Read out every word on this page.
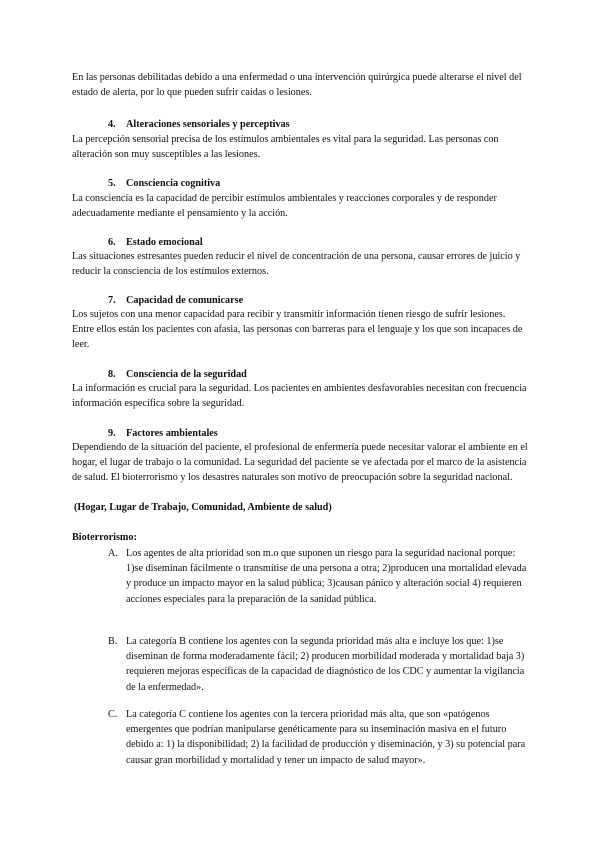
En las personas debilitadas debido a una enfermedad o una intervención quirúrgica puede alterarse el nivel del estado de alerta, por lo que pueden sufrir caídas o lesiones.

4. Alteraciones sensoriales y perceptivas

La percepción sensorial precisa de los estímulos ambientales es vital para la seguridad. Las personas con alteración son muy susceptibles a las lesiones.

5. Consciencia cognitiva

La consciencia es la capacidad de percibir estímulos ambientales y reacciones corporales y de responder adecuadamente mediante el pensamiento y la acción.

6. Estado emocional

Las situaciones estresantes pueden reducir el nivel de concentración de una persona, causar errores de juicio y reducir la consciencia de los estímulos externos.

7. Capacidad de comunicarse

Los sujetos con una menor capacidad para recibir y transmitir información tienen riesgo de sufrir lesiones. Entre ellos están los pacientes con afasia, las personas con barreras para el lenguaje y los que son incapaces de leer.

8. Consciencia de la seguridad

La información es crucial para la seguridad. Los pacientes en ambientes desfavorables necesitan con frecuencia información específica sobre la seguridad.

9. Factores ambientales

Dependiendo de la situación del paciente, el profesional de enfermería puede necesitar valorar el ambiente en el hogar, el lugar de trabajo o la comunidad. La seguridad del paciente se ve afectada por el marco de la asistencia de salud. El bioterrorismo y los desastres naturales son motivo de preocupación sobre la seguridad nacional.

(Hogar, Lugar de Trabajo, Comunidad, Ambiente de salud)

Bioterrorismo:

A. Los agentes de alta prioridad son m.o que suponen un riesgo para la seguridad nacional porque: 1)se diseminan fácilmente o transmítise de una persona a otra; 2)producen una mortalidad elevada y produce un impacto mayor en la salud pública; 3)causan pánico y alteración social 4) requieren acciones especiales para la preparación de la sanidad pública.
B. La categoría B contiene los agentes con la segunda prioridad más alta e incluye los que: 1)se diseminan de forma moderadamente fácil; 2) producen morbilidad moderada y mortalidad baja 3) requieren mejoras específicas de la capacidad de diagnóstico de los CDC y aumentar la vigilancia de la enfermedad».
C. La categoría C contiene los agentes con la tercera prioridad más alta, que son «patógenos emergentes que podrían manipularse genéticamente para su inseminación masiva en el futuro debido a: 1) la disponibilidad; 2) la facilidad de producción y diseminación, y 3) su potencial para causar gran morbilidad y mortalidad y tener un impacto de salud mayor».
